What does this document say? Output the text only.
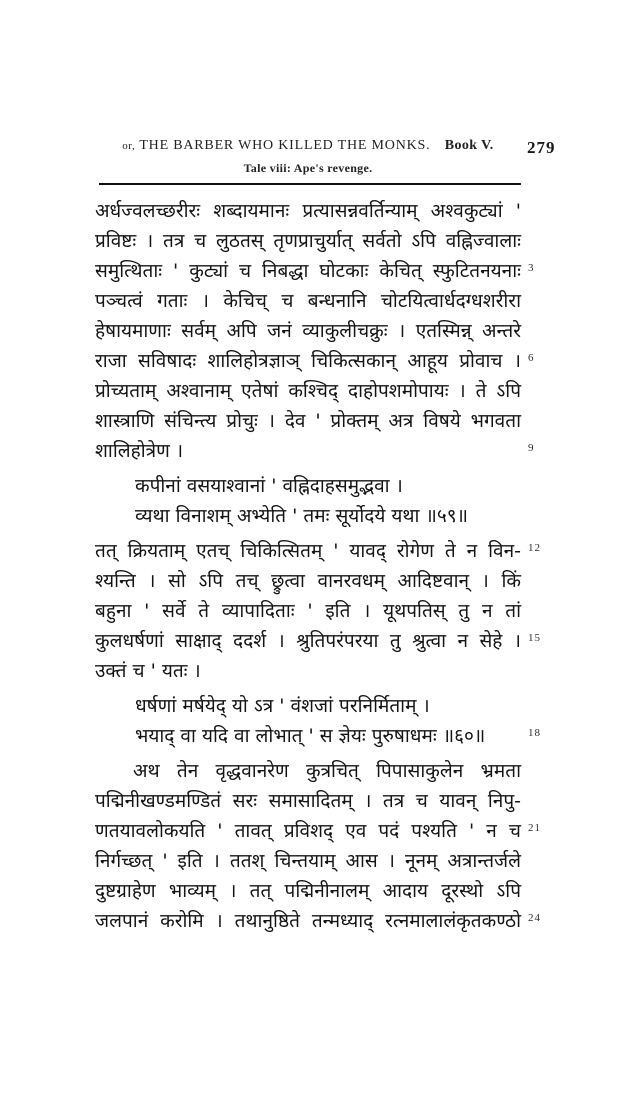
or, THE BARBER WHO KILLED THE MONKS. Book V. 279
Tale viii: Ape's revenge.
अर्धज्वलच्छरीरः शब्दायमानः प्रत्यासन्नवर्तिन्याम् अश्वकुट्यां '
प्रविष्टः । तत्र च लुठतस् तृणप्राचुर्यात् सर्वतो ऽपि वह्निज्वालाः
समुत्थिताः ' कुट्यां च निबद्धा घोटकाः केचित् स्फुटितनयनाः 3
पञ्चत्वं गताः । केचिच् च बन्धनानि चोटयित्वार्धदग्धशरीरा
हेषायमाणाः सर्वम् अपि जनं व्याकुलीचक्रुः । एतस्मिन्न् अन्तरे
राजा सविषादः शालिहोत्रज्ञाञ् चिकित्सकान् आहूय प्रोवाच । 6
प्रोच्यताम् अश्वानाम् एतेषां कश्चिद् दाहोपशमोपायः । ते ऽपि
शास्त्राणि संचिन्त्य प्रोचुः । देव ' प्रोक्तम् अत्र विषये भगवता
शालिहोत्रेण ।	9
कपीनां वसयाश्वानां ' वह्निदाहसमुद्भवा ।
व्यथा विनाशम् अभ्येति ' तमः सूर्योदये यथा ॥५९॥
तत् क्रियताम् एतच् चिकित्सितम् ' यावद् रोगेण ते न विन- 12
श्यन्ति । सो ऽपि तच् छ्रुत्वा वानरवधम् आदिष्टवान् । किं
बहुना ' सर्वे ते व्यापादिताः ' इति । यूथपतिस् तु न तां
कुलधर्षणां साक्षाद् ददर्श । श्रुतिपरंपरया तु श्रुत्वा न सेहे । 15
उक्तं च ' यतः ।
धर्षणां मर्षयेद् यो ऽत्र ' वंशजां परनिर्मिताम् ।
भयाद् वा यदि वा लोभात् ' स ज्ञेयः पुरुषाधमः ॥६०॥	18
अथ तेन वृद्धवानरेण कुत्रचित् पिपासाकुलेन भ्रमता
पद्मिनीखण्डमण्डितं सरः समासादितम् । तत्र च यावन् निपु-
णतयावलोकयति ' तावत् प्रविशद् एव पदं पश्यति ' न च 21
निर्गच्छत् ' इति । ततश् चिन्तयाम् आस । नूनम् अत्रान्तर्जले
दुष्टग्राहेण भाव्यम् । तत् पद्मिनीनालम् आदाय दूरस्थो ऽपि
जलपानं करोमि । तथानुष्ठिते तन्मध्याद् रत्नमालालंकृतकण्ठो 24
